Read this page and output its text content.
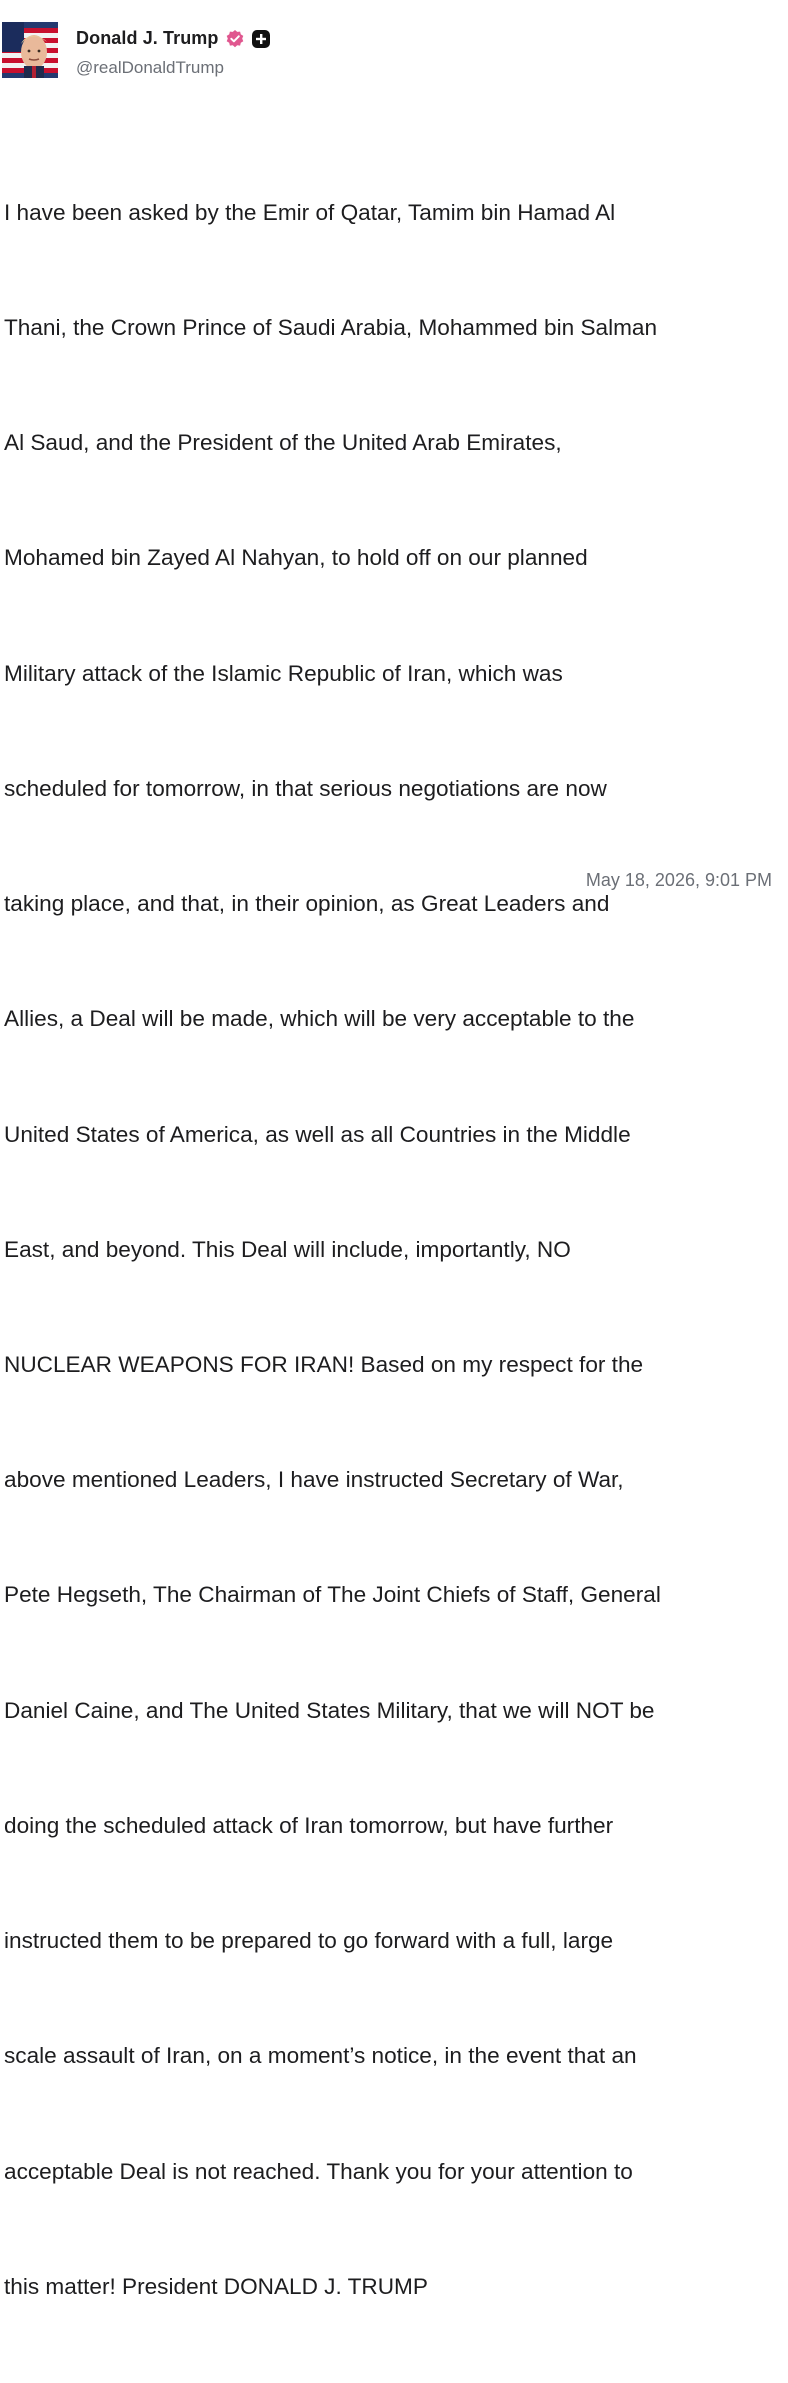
Donald J. Trump
@realDonaldTrump

I have been asked by the Emir of Qatar, Tamim bin Hamad Al

Thani, the Crown Prince of Saudi Arabia, Mohammed bin Salman

Al Saud, and the President of the United Arab Emirates,

Mohamed bin Zayed Al Nahyan, to hold off on our planned

Military attack of the Islamic Republic of Iran, which was

scheduled for tomorrow, in that serious negotiations are now

taking place, and that, in their opinion, as Great Leaders and

Allies, a Deal will be made, which will be very acceptable to the

United States of America, as well as all Countries in the Middle

East, and beyond. This Deal will include, importantly, NO

NUCLEAR WEAPONS FOR IRAN! Based on my respect for the

above mentioned Leaders, I have instructed Secretary of War,

Pete Hegseth, The Chairman of The Joint Chiefs of Staff, General

Daniel Caine, and The United States Military, that we will NOT be

doing the scheduled attack of Iran tomorrow, but have further

instructed them to be prepared to go forward with a full, large

scale assault of Iran, on a moment’s notice, in the event that an

acceptable Deal is not reached. Thank you for your attention to

this matter! President DONALD J. TRUMP

May 18, 2026, 9:01 PM
